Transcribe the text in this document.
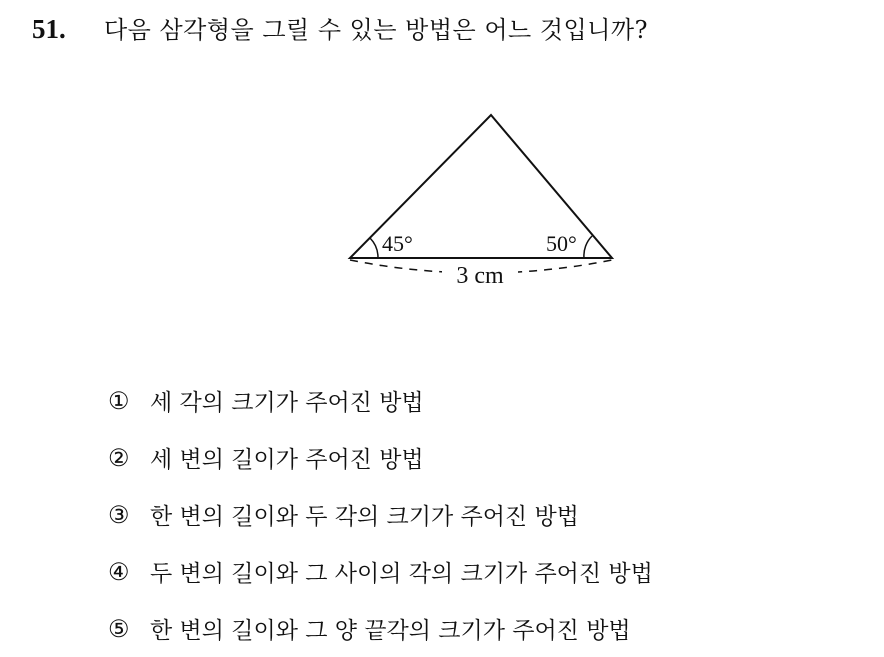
51.	다음 삼각형을 그릴 수 있는 방법은 어느 것입니까?
45°	50°
3 cm
① 세 각의 크기가 주어진 방법
② 세 변의 길이가 주어진 방법
③ 한 변의 길이와 두 각의 크기가 주어진 방법
④ 두 변의 길이와 그 사이의 각의 크기가 주어진 방법
⑤ 한 변의 길이와 그 양 끝각의 크기가 주어진 방법
